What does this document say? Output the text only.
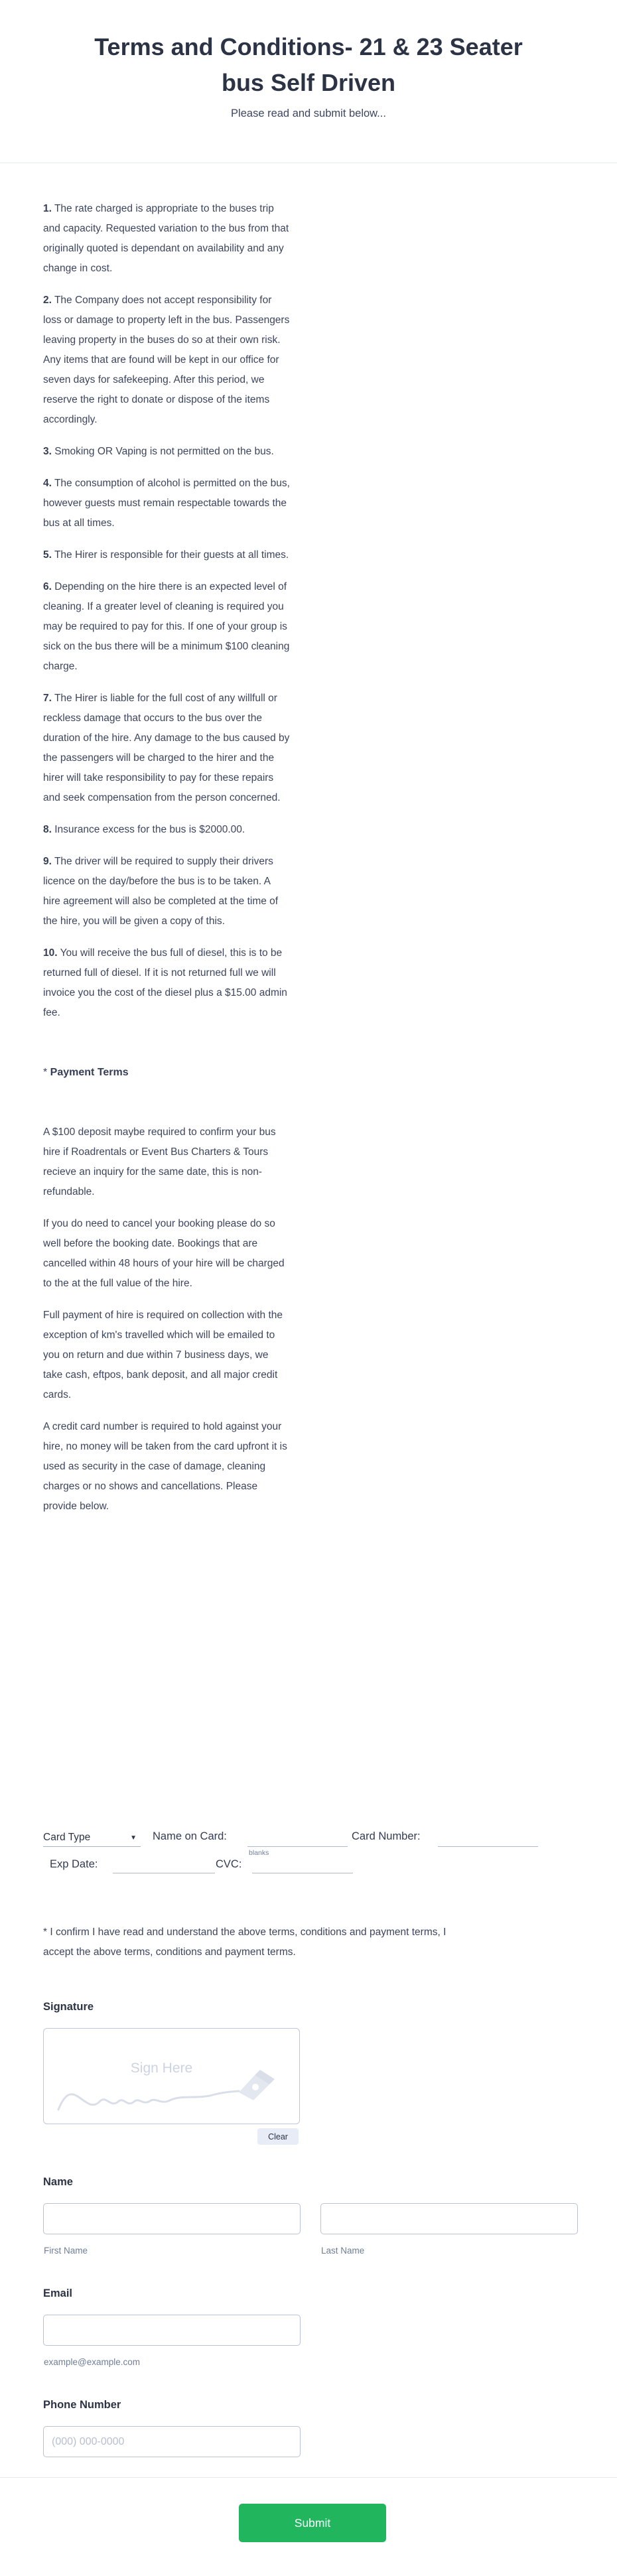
Terms and Conditions- 21 & 23 Seater
bus Self Driven
Please read and submit below...

1. The rate charged is appropriate to the buses trip and capacity. Requested variation to the bus from that originally quoted is dependant on availability and any change in cost.

2. The Company does not accept responsibility for loss or damage to property left in the bus. Passengers leaving property in the buses do so at their own risk. Any items that are found will be kept in our office for seven days for safekeeping. After this period, we reserve the right to donate or dispose of the items accordingly.

3. Smoking OR Vaping is not permitted on the bus.

4. The consumption of alcohol is permitted on the bus, however guests must remain respectable towards the bus at all times.

5. The Hirer is responsible for their guests at all times.

6. Depending on the hire there is an expected level of cleaning. If a greater level of cleaning is required you may be required to pay for this. If one of your group is sick on the bus there will be a minimum $100 cleaning charge.

7. The Hirer is liable for the full cost of any willfull or reckless damage that occurs to the bus over the duration of the hire. Any damage to the bus caused by the passengers will be charged to the hirer and the hirer will take responsibility to pay for these repairs and seek compensation from the person concerned.

8. Insurance excess for the bus is $2000.00.

9. The driver will be required to supply their drivers licence on the day/before the bus is to be taken. A hire agreement will also be completed at the time of the hire, you will be given a copy of this.

10. You will receive the bus full of diesel, this is to be returned full of diesel. If it is not returned full we will invoice you the cost of the diesel plus a $15.00 admin fee.

* Payment Terms

A $100 deposit maybe required to confirm your bus hire if Roadrentals or Event Bus Charters & Tours recieve an inquiry for the same date, this is non-refundable.

If you do need to cancel your booking please do so well before the booking date. Bookings that are cancelled within 48 hours of your hire will be charged to the at the full value of the hire.

Full payment of hire is required on collection with the exception of km's travelled which will be emailed to you on return and due within 7 business days, we take cash, eftpos, bank deposit, and all major credit cards.

A credit card number is required to hold against your hire, no money will be taken from the card upfront it is used as security in the case of damage, cleaning charges or no shows and cancellations. Please provide below.

Card Type	▼	Name on Card:
blanks
Card Number:
Exp Date:	CVC:
* I confirm I have read and understand the above terms, conditions and payment terms, I
accept the above terms, conditions and payment terms.
Signature
Sign Here
Clear
Name
First Name	Last Name
Email
example@example.com
Phone Number
(000) 000-0000
Submit
